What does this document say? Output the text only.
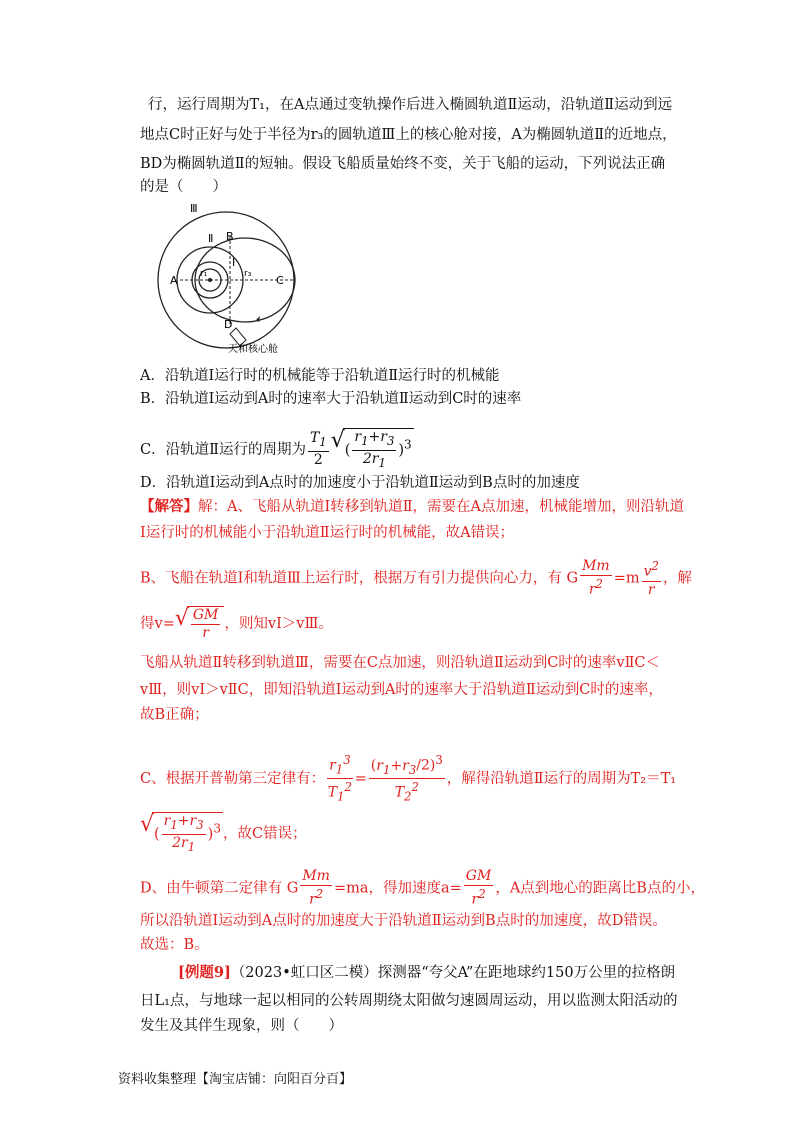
行，运行周期为T₁，在A点通过变轨操作后进入椭圆轨道Ⅱ运动，沿轨道Ⅱ运动到远
地点C时正好与处于半径为r₃的圆轨道Ⅲ上的核心舱对接，A为椭圆轨道Ⅱ的近地点，
BD为椭圆轨道Ⅱ的短轴。假设飞船质量始终不变，关于飞船的运动，下列说法正确
的是（　　）
Ⅲ
Ⅱ
Ⅰ
B
A	C
D
r₁	r₃
天和核心舱
A．沿轨道Ⅰ运行时的机械能等于沿轨道Ⅱ运行时的机械能
B．沿轨道Ⅰ运动到A时的速率大于沿轨道Ⅱ运动到C时的速率
C．沿轨道Ⅱ运行的周期为 $\frac{T_1}{2}$ √ ( $\frac{r_1+r_3}{2r_1} )^3$
D．沿轨道Ⅰ运动到A点时的加速度小于沿轨道Ⅱ运动到B点时的加速度
【解答】解：A、飞船从轨道Ⅰ转移到轨道Ⅱ，需要在A点加速，机械能增加，则沿轨道
Ⅰ运行时的机械能小于沿轨道Ⅱ运行时的机械能，故A错误；
B、飞船在轨道Ⅰ和轨道Ⅲ上运行时，根据万有引力提供向心力，有 G $\frac{Mm}{r^2} =m \frac{v^2}{r}$ ，解
得v= √ $\frac{GM}{r}$ ，则知vⅠ＞vⅢ。
飞船从轨道Ⅱ转移到轨道Ⅲ，需要在C点加速，则沿轨道Ⅱ运动到C时的速率vⅡC＜
vⅢ，则vⅠ＞vⅡC，即知沿轨道Ⅰ运动到A时的速率大于沿轨道Ⅱ运动到C时的速率，
故B正确；
C、根据开普勒第三定律有： $\frac{r_1^3}{T_1^2} = \frac{(r_1+r_3/2)^3}{T_2^2}$ ，解得沿轨道Ⅱ运行的周期为T₂＝T₁
√ ( $\frac{r_1+r_3}{2r_1} )^3$ ，故C错误；
D、由牛顿第二定律有 G $\frac{Mm}{r^2} =ma$，得加速度$a= \frac{GM}{r^2}$ ，A点到地心的距离比B点的小，
所以沿轨道Ⅰ运动到A点时的加速度大于沿轨道Ⅱ运动到B点时的加速度，故D错误。
故选：B。
[例题9]（2023•虹口区二模）探测器“夸父A”在距地球约150万公里的拉格朗
日L₁点，与地球一起以相同的公转周期绕太阳做匀速圆周运动，用以监测太阳活动的
发生及其伴生现象，则（　　）
资料收集整理【淘宝店铺：向阳百分百】
